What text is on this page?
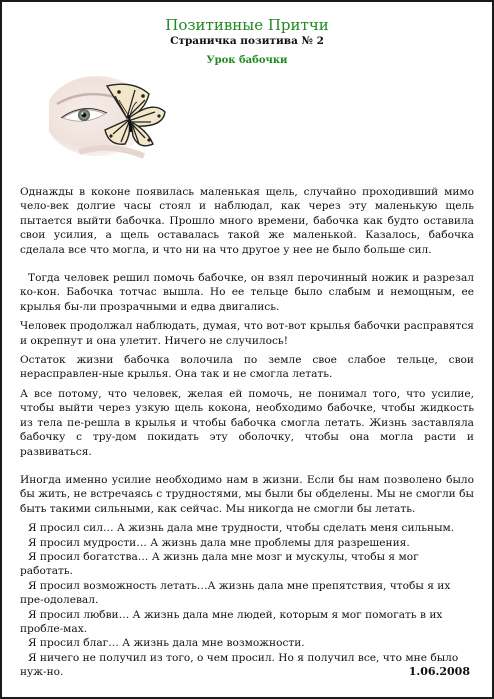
Позитивные Притчи
Страничка позитива № 2
Урок бабочки

Однажды в коконе появилась маленькая щель, случайно проходивший мимо чело-век долгие часы стоял и наблюдал, как через эту маленькую щель пытается выйти бабочка. Прошло много времени, бабочка как будто оставила свои усилия, а щель оставалась такой же маленькой. Казалось, бабочка сделала все что могла, и что ни на что другое у нее не было больше сил.

Тогда человек решил помочь бабочке, он взял перочинный ножик и разрезал ко-кон. Бабочка тотчас вышла. Но ее тельце было слабым и немощным, ее крылья бы-ли прозрачными и едва двигались.

Человек продолжал наблюдать, думая, что вот-вот крылья бабочки расправятся и окрепнут и она улетит. Ничего не случилось!

Остаток жизни бабочка волочила по земле свое слабое тельце, свои нерасправлен-ные крылья. Она так и не смогла летать.

А все потому, что человек, желая ей помочь, не понимал того, что усилие, чтобы выйти через узкую щель кокона, необходимо бабочке, чтобы жидкость из тела пе-решла в крылья и чтобы бабочка смогла летать. Жизнь заставляла бабочку с тру-дом покидать эту оболочку, чтобы она могла расти и развиваться.

Иногда именно усилие необходимо нам в жизни. Если бы нам позволено было бы жить, не встречаясь с трудностями, мы были бы обделены. Мы не смогли бы быть такими сильными, как сейчас. Мы никогда не смогли бы летать.

Я просил сил… А жизнь дала мне трудности, чтобы сделать меня сильным.

Я просил мудрости… А жизнь дала мне проблемы для разрешения.

Я просил богатства… А жизнь дала мне мозг и мускулы, чтобы я мог работать.

Я просил возможность летать…А жизнь дала мне препятствия, чтобы я их пре-одолевал.

Я просил любви… А жизнь дала мне людей, которым я мог помогать в их пробле-мах.

Я просил благ… А жизнь дала мне возможности.

Я ничего не получил из того, о чем просил. Но я получил все, что мне было нуж-но.	1.06.2008
